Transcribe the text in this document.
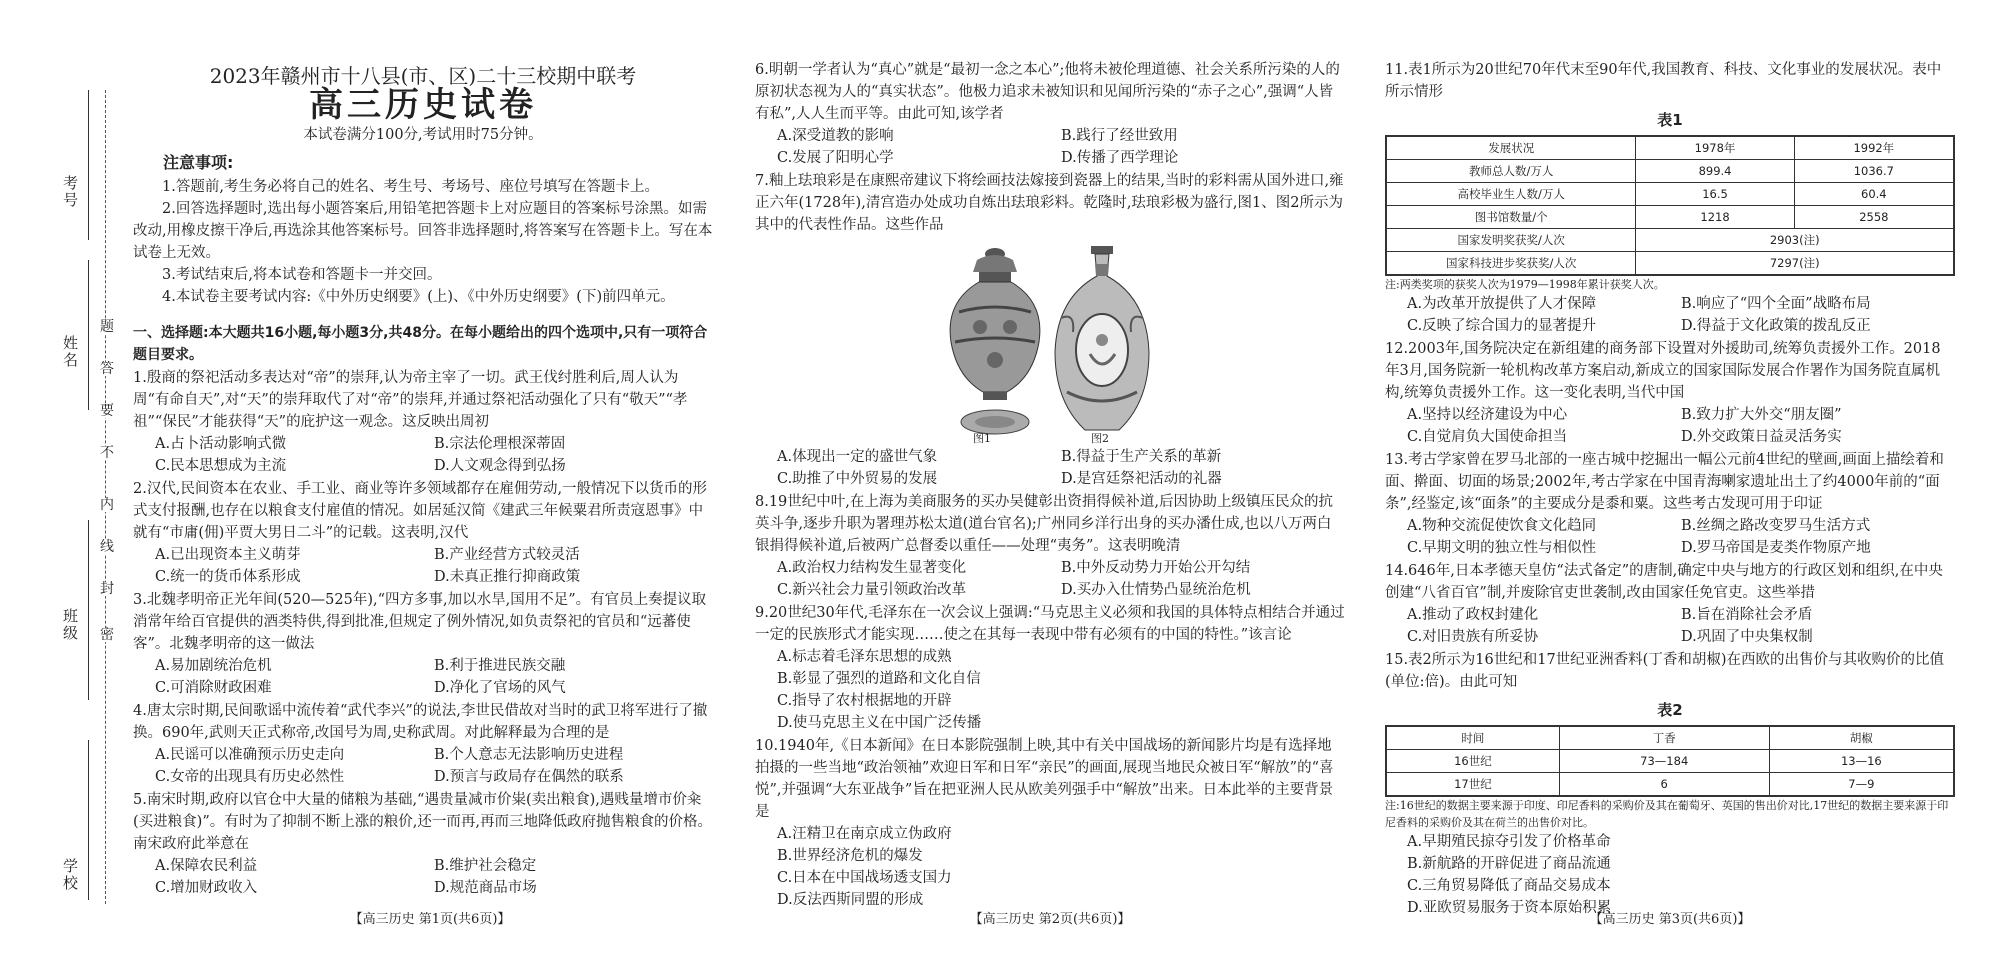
考号
姓名
班级
学校
题
答
要
不
内
线
封
密
2023年赣州市十八县(市、区)二十三校期中联考
高三历史试卷
本试卷满分100分,考试用时75分钟。
注意事项:
1.答题前,考生务必将自己的姓名、考生号、考场号、座位号填写在答题卡上。
2.回答选择题时,选出每小题答案后,用铅笔把答题卡上对应题目的答案标号涂黑。如需改动,用橡皮擦干净后,再选涂其他答案标号。回答非选择题时,将答案写在答题卡上。写在本试卷上无效。
3.考试结束后,将本试卷和答题卡一并交回。
4.本试卷主要考试内容:《中外历史纲要》(上)、《中外历史纲要》(下)前四单元。
一、选择题:本大题共16小题,每小题3分,共48分。在每小题给出的四个选项中,只有一项符合题目要求。
1.殷商的祭祀活动多表达对“帝”的崇拜,认为帝主宰了一切。武王伐纣胜利后,周人认为周“有命自天”,对“天”的崇拜取代了对“帝”的崇拜,并通过祭祀活动强化了只有“敬天”“孝祖”“保民”才能获得“天”的庇护这一观念。这反映出周初
A.占卜活动影响式微	B.宗法伦理根深蒂固
C.民本思想成为主流	D.人文观念得到弘扬
2.汉代,民间资本在农业、手工业、商业等许多领域都存在雇佣劳动,一般情况下以货币的形式支付报酬,也存在以粮食支付雇值的情况。如居延汉简《建武三年候粟君所责寇恩事》中就有“市庸(佣)平贾大男日二斗”的记载。这表明,汉代
A.已出现资本主义萌芽	B.产业经营方式较灵活
C.统一的货币体系形成	D.未真正推行抑商政策
3.北魏孝明帝正光年间(520—525年),“四方多事,加以水旱,国用不足”。有官员上奏提议取消常年给百官提供的酒类特供,得到批准,但规定了例外情况,如负责祭祀的官员和“远蕃使客”。北魏孝明帝的这一做法
A.易加剧统治危机	B.利于推进民族交融
C.可消除财政困难	D.净化了官场的风气
4.唐太宗时期,民间歌谣中流传着“武代李兴”的说法,李世民借故对当时的武卫将军进行了撤换。690年,武则天正式称帝,改国号为周,史称武周。对此解释最为合理的是
A.民谣可以准确预示历史走向	B.个人意志无法影响历史进程
C.女帝的出现具有历史必然性	D.预言与政局存在偶然的联系
5.南宋时期,政府以官仓中大量的储粮为基础,“遇贵量减市价粜(卖出粮食),遇贱量增市价籴(买进粮食)”。有时为了抑制不断上涨的粮价,还一而再,再而三地降低政府抛售粮食的价格。南宋政府此举意在
A.保障农民利益	B.维护社会稳定
C.增加财政收入	D.规范商品市场
6.明朝一学者认为“真心”就是“最初一念之本心”;他将未被伦理道德、社会关系所污染的人的原初状态视为人的“真实状态”。他极力追求未被知识和见闻所污染的“赤子之心”,强调“人皆有私”,人人生而平等。由此可知,该学者
A.深受道教的影响	B.践行了经世致用
C.发展了阳明心学	D.传播了西学理论
7.釉上珐琅彩是在康熙帝建议下将绘画技法嫁接到瓷器上的结果,当时的彩料需从国外进口,雍正六年(1728年),清宫造办处成功自炼出珐琅彩料。乾隆时,珐琅彩极为盛行,图1、图2所示为其中的代表性作品。这些作品
图1	图2
A.体现出一定的盛世气象	B.得益于生产关系的革新
C.助推了中外贸易的发展	D.是宫廷祭祀活动的礼器
8.19世纪中叶,在上海为美商服务的买办吴健彰出资捐得候补道,后因协助上级镇压民众的抗英斗争,逐步升职为署理苏松太道(道台官名);广州同乡洋行出身的买办潘仕成,也以八万两白银捐得候补道,后被两广总督委以重任——处理“夷务”。这表明晚清
A.政治权力结构发生显著变化	B.中外反动势力开始公开勾结
C.新兴社会力量引领政治改革	D.买办入仕情势凸显统治危机
9.20世纪30年代,毛泽东在一次会议上强调:“马克思主义必须和我国的具体特点相结合并通过一定的民族形式才能实现……使之在其每一表现中带有必须有的中国的特性。”该言论
A.标志着毛泽东思想的成熟
B.彰显了强烈的道路和文化自信
C.指导了农村根据地的开辟
D.使马克思主义在中国广泛传播
10.1940年,《日本新闻》在日本影院强制上映,其中有关中国战场的新闻影片均是有选择地拍摄的一些当地“政治领袖”欢迎日军和日军“亲民”的画面,展现当地民众被日军“解放”的“喜悦”,并强调“大东亚战争”旨在把亚洲人民从欧美列强手中“解放”出来。日本此举的主要背景是
A.汪精卫在南京成立伪政府
B.世界经济危机的爆发
C.日本在中国战场透支国力
D.反法西斯同盟的形成
11.表1所示为20世纪70年代末至90年代,我国教育、科技、文化事业的发展状况。表中所示情形
表1
发展状况	1978年	1992年
教师总人数/万人	899.4	1036.7
高校毕业生人数/万人	16.5	60.4
图书馆数量/个	1218	2558
国家发明奖获奖/人次	2903(注)	
国家科技进步奖获奖/人次	7297(注)	
注:两类奖项的获奖人次为1979—1998年累计获奖人次。
A.为改革开放提供了人才保障	B.响应了“四个全面”战略布局
C.反映了综合国力的显著提升	D.得益于文化政策的拨乱反正
12.2003年,国务院决定在新组建的商务部下设置对外援助司,统筹负责援外工作。2018年3月,国务院新一轮机构改革方案启动,新成立的国家国际发展合作署作为国务院直属机构,统筹负责援外工作。这一变化表明,当代中国
A.坚持以经济建设为中心	B.致力扩大外交“朋友圈”
C.自觉肩负大国使命担当	D.外交政策日益灵活务实
13.考古学家曾在罗马北部的一座古城中挖掘出一幅公元前4世纪的壁画,画面上描绘着和面、擀面、切面的场景;2002年,考古学家在中国青海喇家遗址出土了约4000年前的“面条”,经鉴定,该“面条”的主要成分是黍和粟。这些考古发现可用于印证
A.物种交流促使饮食文化趋同	B.丝绸之路改变罗马生活方式
C.早期文明的独立性与相似性	D.罗马帝国是麦类作物原产地
14.646年,日本孝德天皇仿“法式备定”的唐制,确定中央与地方的行政区划和组织,在中央创建“八省百官”制,并废除官吏世袭制,改由国家任免官吏。这些举措
A.推动了政权封建化	B.旨在消除社会矛盾
C.对旧贵族有所妥协	D.巩固了中央集权制
15.表2所示为16世纪和17世纪亚洲香料(丁香和胡椒)在西欧的出售价与其收购价的比值(单位:倍)。由此可知
表2
时间	丁香	胡椒
16世纪	73—184	13—16
17世纪	6	7—9
注:16世纪的数据主要来源于印度、印尼香料的采购价及其在葡萄牙、英国的售出价对比,17世纪的数据主要来源于印尼香料的采购价及其在荷兰的出售价对比。
A.早期殖民掠夺引发了价格革命
B.新航路的开辟促进了商品流通
C.三角贸易降低了商品交易成本
D.亚欧贸易服务于资本原始积累
【高三历史 第1页(共6页)】	【高三历史 第2页(共6页)】	【高三历史 第3页(共6页)】
